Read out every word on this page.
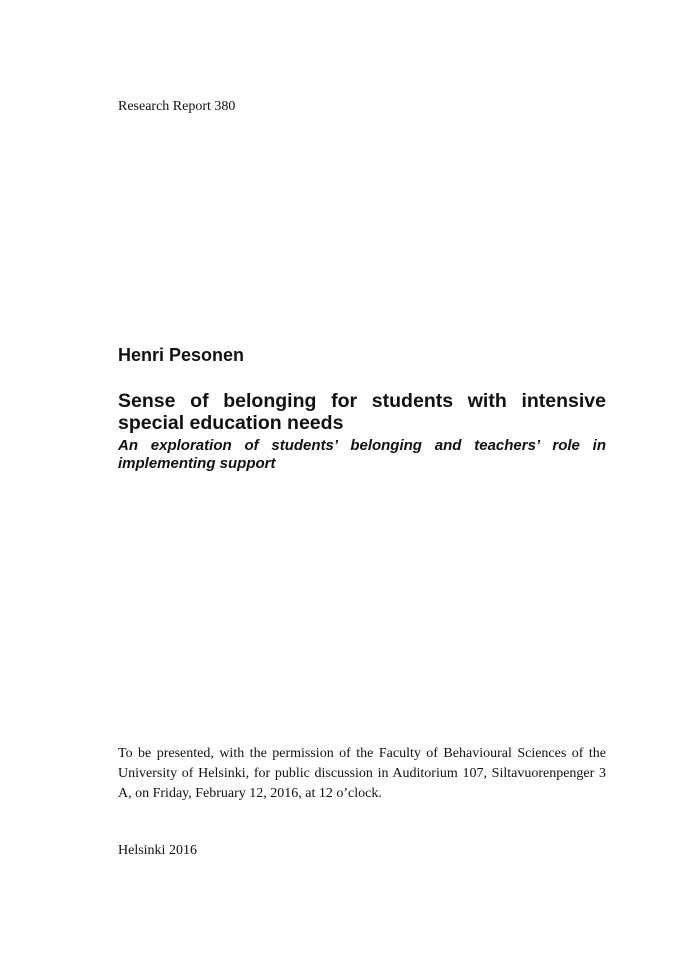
Research Report 380
Henri Pesonen
Sense of belonging for students with intensive special education needs
An exploration of students’ belonging and teachers’ role in implementing support
To be presented, with the permission of the Faculty of Behavioural Sciences of the University of Helsinki, for public discussion in Auditorium 107, Siltavuorenpenger 3 A, on Friday, February 12, 2016, at 12 o’clock.
Helsinki 2016
